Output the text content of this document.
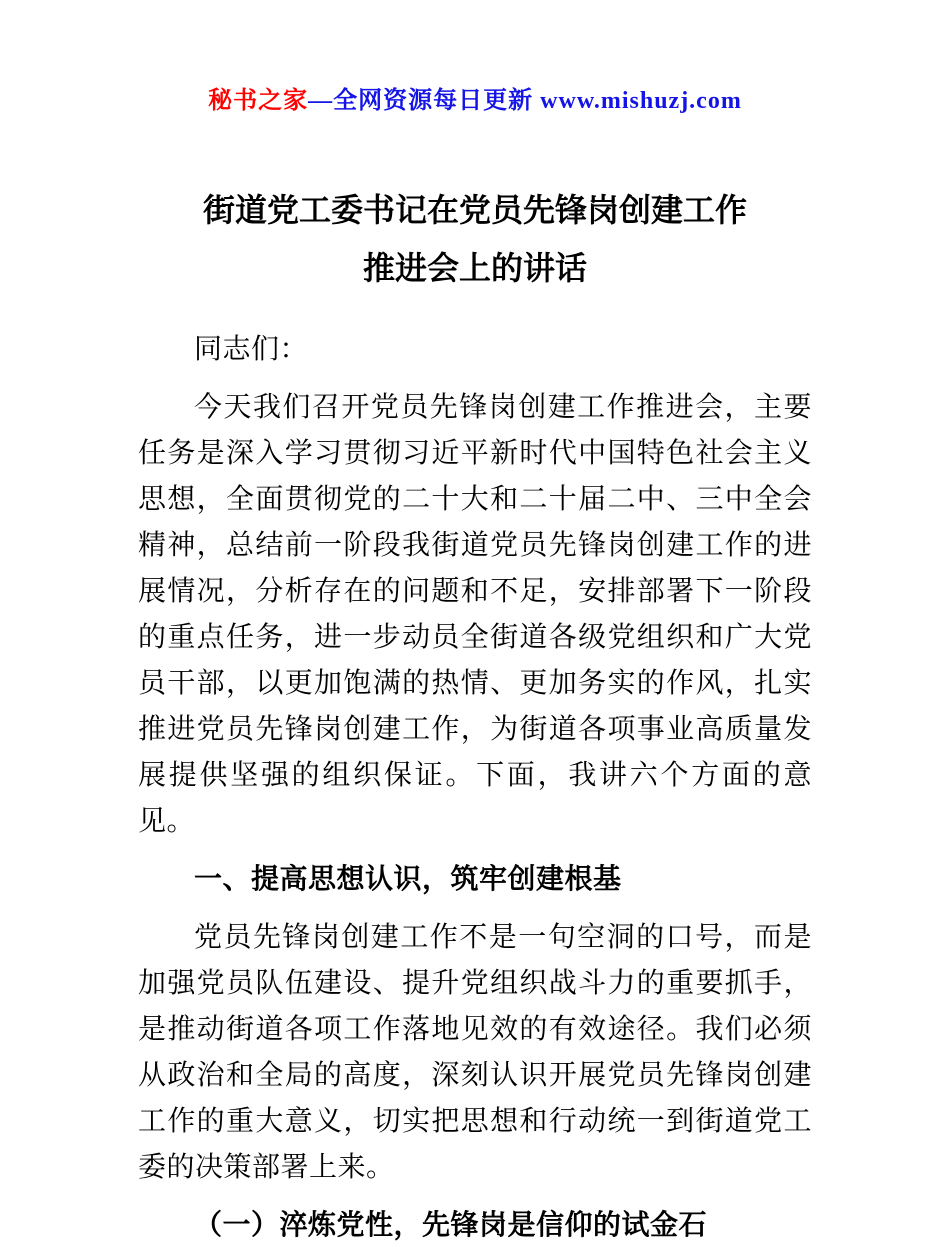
秘书之家—全网资源每日更新 www.mishuzj.com
街道党工委书记在党员先锋岗创建工作
推进会上的讲话

同志们：

今天我们召开党员先锋岗创建工作推进会，主要任务是深入学习贯彻习近平新时代中国特色社会主义思想，全面贯彻党的二十大和二十届二中、三中全会精神，总结前一阶段我街道党员先锋岗创建工作的进展情况，分析存在的问题和不足，安排部署下一阶段的重点任务，进一步动员全街道各级党组织和广大党员干部，以更加饱满的热情、更加务实的作风，扎实推进党员先锋岗创建工作，为街道各项事业高质量发展提供坚强的组织保证。下面，我讲六个方面的意见。

一、提高思想认识，筑牢创建根基

党员先锋岗创建工作不是一句空洞的口号，而是加强党员队伍建设、提升党组织战斗力的重要抓手，是推动街道各项工作落地见效的有效途径。我们必须从政治和全局的高度，深刻认识开展党员先锋岗创建工作的重大意义，切实把思想和行动统一到街道党工委的决策部署上来。

（一）淬炼党性，先锋岗是信仰的试金石
